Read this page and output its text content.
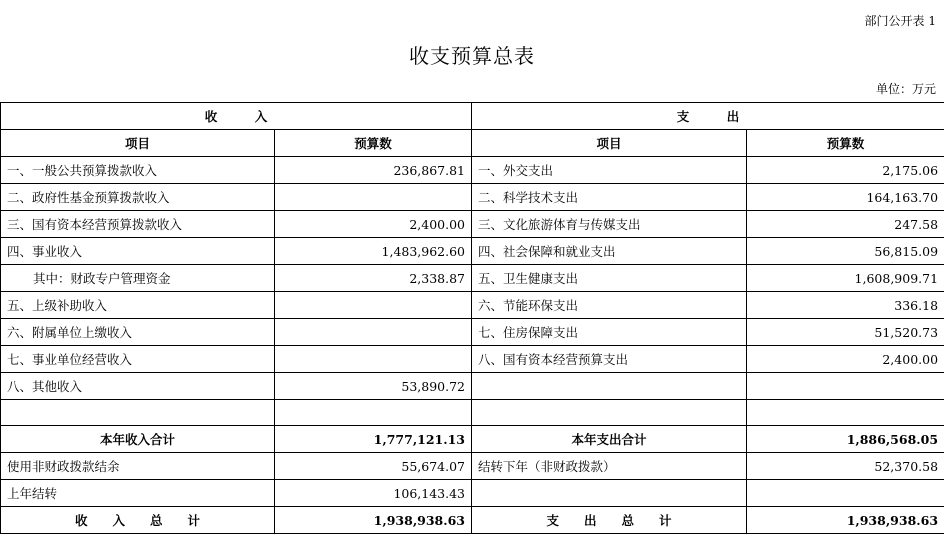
部门公开表 1
收支预算总表
单位：万元
收　　　入		支　　　出	
项目	预算数	项目	预算数
一、一般公共预算拨款收入	236,867.81	一、外交支出	2,175.06
二、政府性基金预算拨款收入		二、科学技术支出	164,163.70
三、国有资本经营预算拨款收入	2,400.00	三、文化旅游体育与传媒支出	247.58
四、事业收入	1,483,962.60	四、社会保障和就业支出	56,815.09
其中：财政专户管理资金	2,338.87	五、卫生健康支出	1,608,909.71
五、上级补助收入		六、节能环保支出	336.18
六、附属单位上缴收入		七、住房保障支出	51,520.73
七、事业单位经营收入		八、国有资本经营预算支出	2,400.00
八、其他收入	53,890.72		

本年收入合计	1,777,121.13	本年支出合计	1,886,568.05
使用非财政拨款结余	55,674.07	结转下年（非财政拨款）	52,370.58
上年结转	106,143.43		
收　　入　　总　　计	1,938,938.63	支　　出　　总　　计	1,938,938.63
